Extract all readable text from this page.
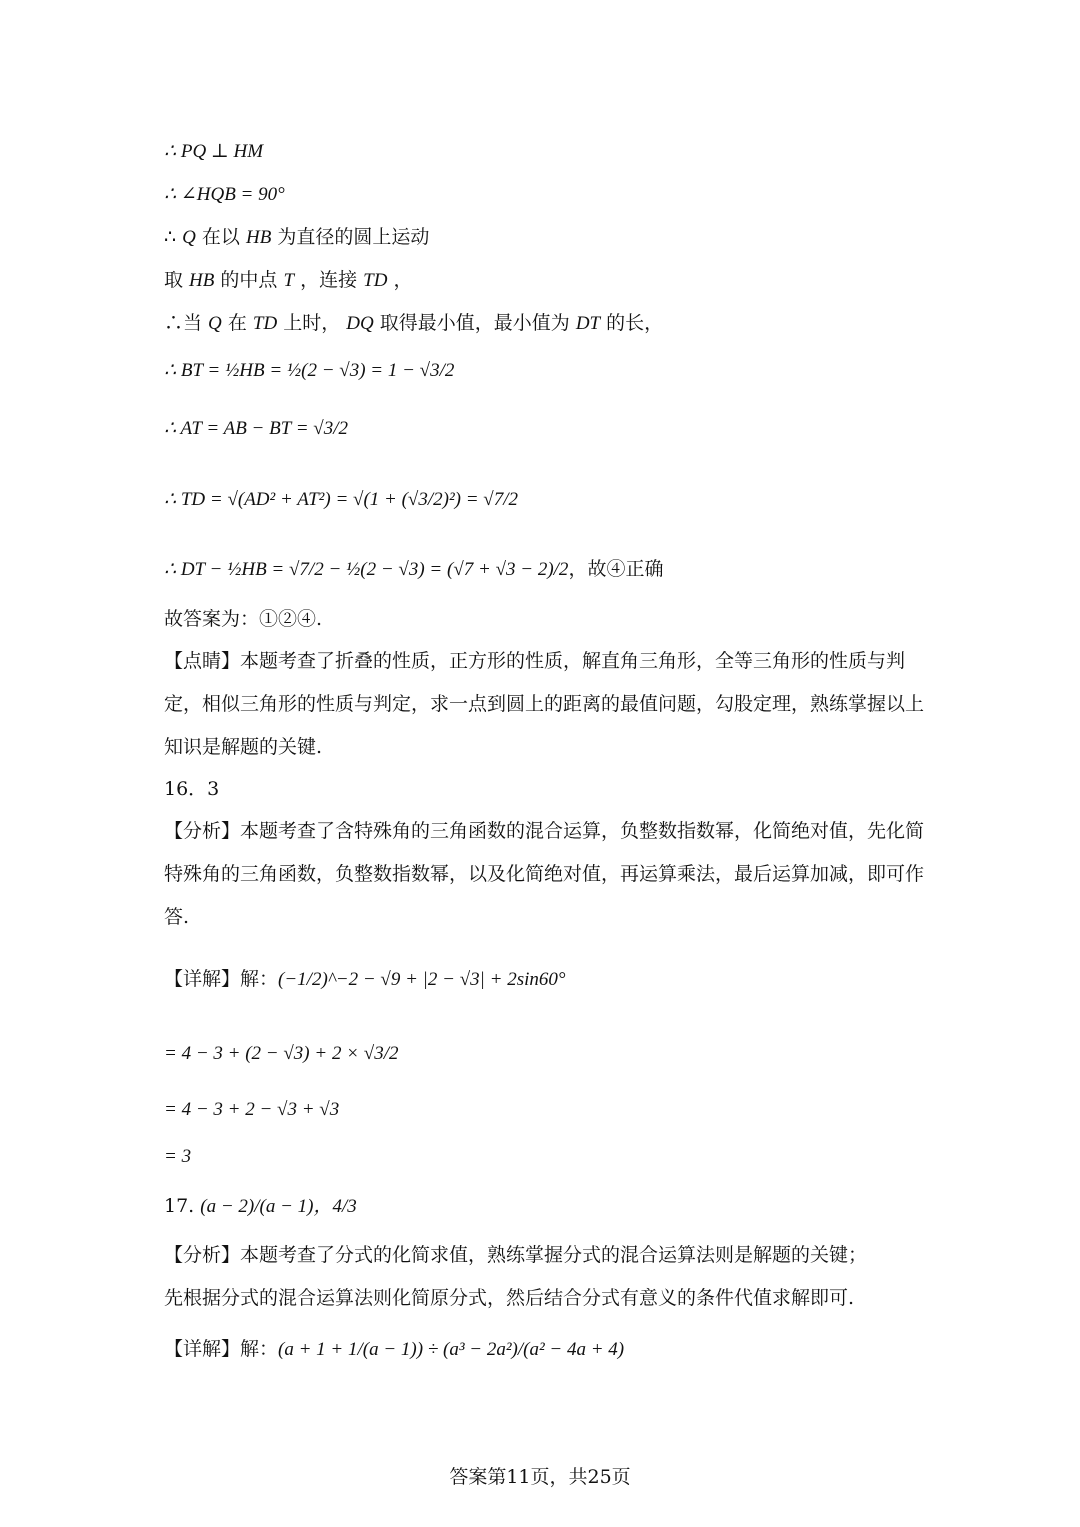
∴ PQ ⊥ HM
∴ ∠HQB = 90°
∴ Q 在以 HB 为直径的圆上运动
取 HB 的中点 T ，连接 TD ，
∴当 Q 在 TD 上时， DQ 取得最小值，最小值为 DT 的长，
∴ BT = ½HB = ½(2 − √3) = 1 − √3/2
∴ AT = AB − BT = √3/2
∴ TD = √(AD² + AT²) = √(1 + (√3/2)²) = √7/2
∴ DT − ½HB = √7/2 − ½(2 − √3) = (√7 + √3 − 2)/2，故④正确
故答案为：①②④.
【点睛】本题考查了折叠的性质，正方形的性质，解直角三角形，全等三角形的性质与判定，相似三角形的性质与判定，求一点到圆上的距离的最值问题，勾股定理，熟练掌握以上知识是解题的关键.
16．3
【分析】本题考查了含特殊角的三角函数的混合运算，负整数指数幂，化简绝对值，先化简特殊角的三角函数，负整数指数幂，以及化简绝对值，再运算乘法，最后运算加减，即可作答.
【详解】解：(−1/2)^−2 − √9 + |2 − √3| + 2sin60°
= 4 − 3 + (2 − √3) + 2 × √3/2
= 4 − 3 + 2 − √3 + √3
= 3
17. (a − 2)/(a − 1)，4/3
【分析】本题考查了分式的化简求值，熟练掌握分式的混合运算法则是解题的关键；
先根据分式的混合运算法则化简原分式，然后结合分式有意义的条件代值求解即可.
【详解】解：(a + 1 + 1/(a − 1)) ÷ (a³ − 2a²)/(a² − 4a + 4)
答案第11页，共25页
